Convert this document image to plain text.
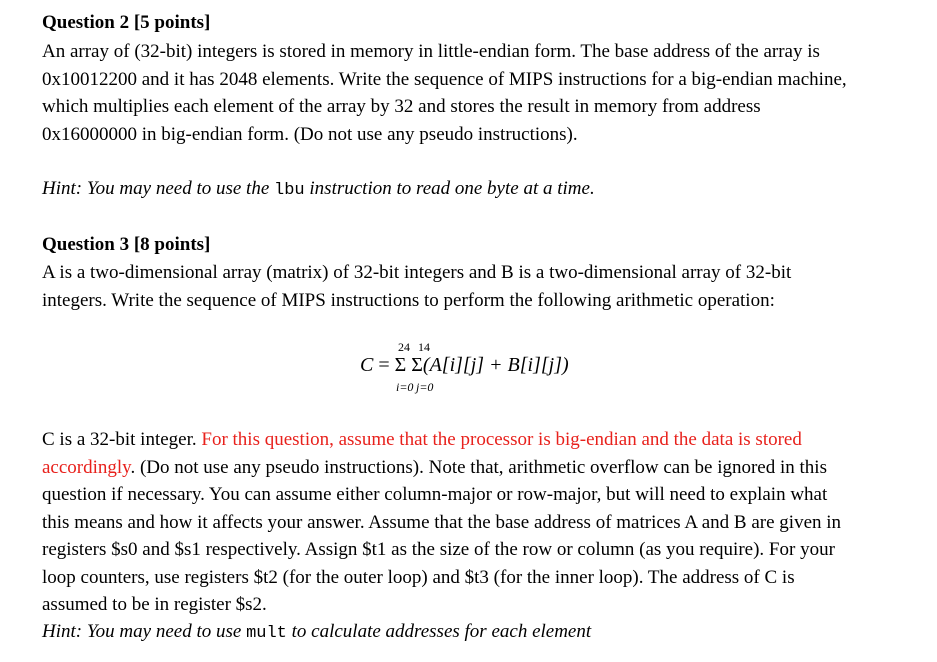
Question 2 [5 points]
An array of (32-bit) integers is stored in memory in little-endian form. The base address of the array is
0x10012200 and it has 2048 elements. Write the sequence of MIPS instructions for a big-endian machine,
which multiplies each element of the array by 32 and stores the result in memory from address
0x16000000 in big-endian form. (Do not use any pseudo instructions).
Hint: You may need to use the lbu instruction to read one byte at a time.
Question 3 [8 points]
A is a two-dimensional array (matrix) of 32-bit integers and B is a two-dimensional array of 32-bit
integers. Write the sequence of MIPS instructions to perform the following arithmetic operation:
24 14
C = Σ Σ(A[i][j] + B[i][j])
i=0 j=0
C is a 32-bit integer. For this question, assume that the processor is big-endian and the data is stored
accordingly. (Do not use any pseudo instructions). Note that, arithmetic overflow can be ignored in this
question if necessary. You can assume either column-major or row-major, but will need to explain what
this means and how it affects your answer. Assume that the base address of matrices A and B are given in
registers $s0 and $s1 respectively. Assign $t1 as the size of the row or column (as you require). For your
loop counters, use registers $t2 (for the outer loop) and $t3 (for the inner loop). The address of C is
assumed to be in register $s2.
Hint: You may need to use mult to calculate addresses for each element
